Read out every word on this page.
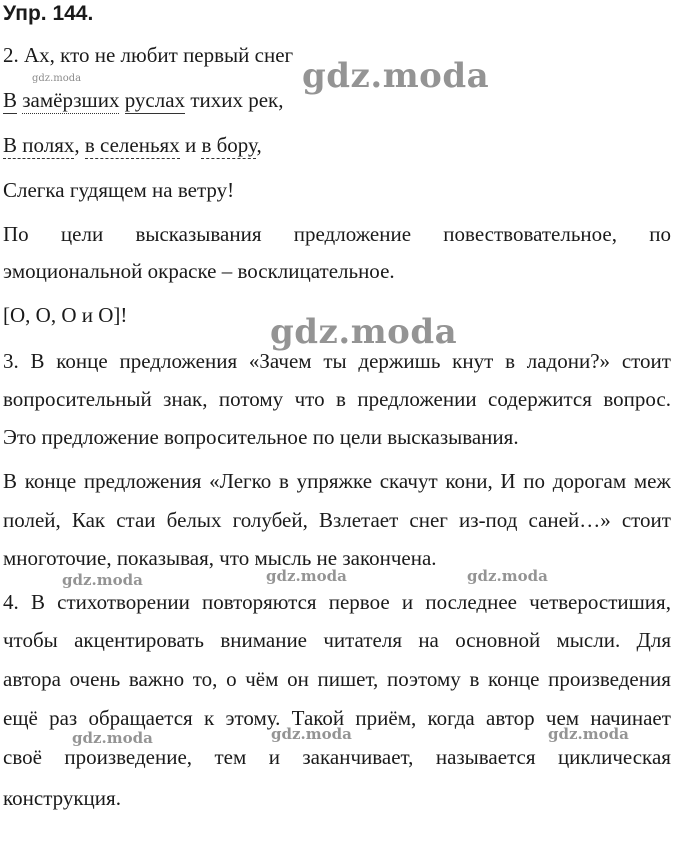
Упр. 144.
2. Ах, кто не любит первый снег
В замёрзших руслах тихих рек,
В полях, в селеньях и в бору,
Слегка гудящем на ветру!
По цели высказывания предложение повествовательное, по
эмоциональной окраске – восклицательное.
[О, О, О и О]!
3. В конце предложения «Зачем ты держишь кнут в ладони?» стоит
вопросительный знак, потому что в предложении содержится вопрос.
Это предложение вопросительное по цели высказывания.
В конце предложения «Легко в упряжке скачут кони, И по дорогам меж
полей, Как стаи белых голубей, Взлетает снег из-под саней…» стоит
многоточие, показывая, что мысль не закончена.
4. В стихотворении повторяются первое и последнее четверостишия,
чтобы акцентировать внимание читателя на основной мысли. Для
автора очень важно то, о чём он пишет, поэтому в конце произведения
ещё раз обращается к этому. Такой приём, когда автор чем начинает
своё произведение, тем и заканчивает, называется циклическая
конструкция.
gdz.moda	gdz.moda
gdz.moda
gdz.moda	gdz.moda	gdz.moda
gdz.moda	gdz.moda	gdz.moda
